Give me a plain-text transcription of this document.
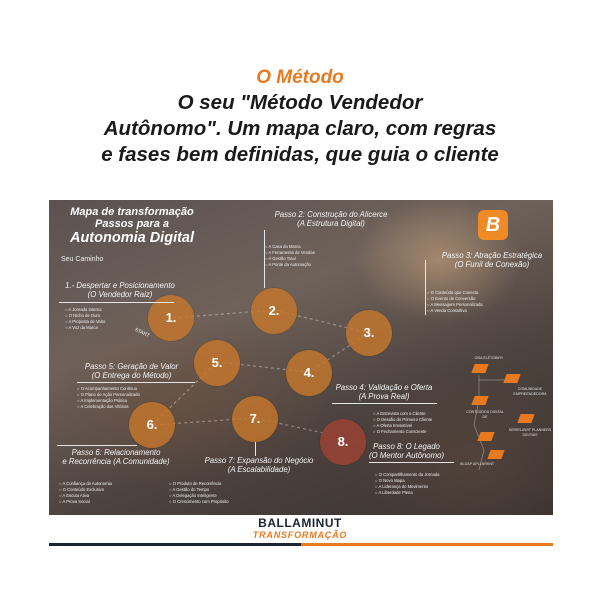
O Método
O seu "Método Vendedor
Autônomo". Um mapa claro, com regras
e fases bem definidas, que guia o cliente
Mapa de transformação
Passos para a
Autonomia Digital
Seu Caminho
B
START
1.	2.
3.
4.
5.
6.	7.
8.
1.- Despertar e Posicionamento
(O Vendedor Raiz)
○ A Jornada Interna
○ O Nicho de Ouro
○ A Proposta de Valor
○ A Voz da Marca
Passo 2: Construção do Alicerce
(A Estrutura Digital)
○ A Casa da Marca
○ A Ferramenta de Vendas
○ A Gestão Total
○ A Ponte da Automação
Passo 3: Atração Estratégica
(O Funil de Conexão)
○ O Conteúdo que Conecta
○ O Evento de Conversão
○ A Mensagem Personalizada
○ A Venda Consultiva
Passo 4: Validação e Oferta
(A Prova Real)
○ A Entrevista com o Cliente
○ O Desafio do Primeiro Cliente
○ A Oferta Irresistível
○ O Fechamento Consciente
Passo 5: Geração de Valor
(O Entrega do Método)
○ O Acompanhamento Contínuo
○ O Plano de Ação Personalizado
○ A Implementação Prática
○ A Celebração das Vitórias
Passo 6: Relacionamento
e Recorrência (A Comunidade)
○ A Confiança da Autonomia
○ O Conteúdo Exclusivo
○ A Escuta Ativa
○ A Prova Social
Passo 7: Expansão do Negócio
(A Escalabilidade)
○ O Produto de Recorrência
○ A Gestão do Tempo
○ A Delegação Inteligente
○ O Crescimento com Propósito
Passo 8: O Legado
(O Mentor Autônomo)
○ O Compartilhamento da Jornada
○ O Novo Mapa
○ A Liderança do Movimento
○ A Liberdade Plena
ORA ELÉTOBIRY
COMUNIDADE EMPREENDEDORA
CONTEÚDOS DIGITAL DE
SERIRLUWIT PLANNERS DIGITAIS
IN-OAP APLLNRKNT
BALLAMINUT
TRANSFORMAÇÃO
